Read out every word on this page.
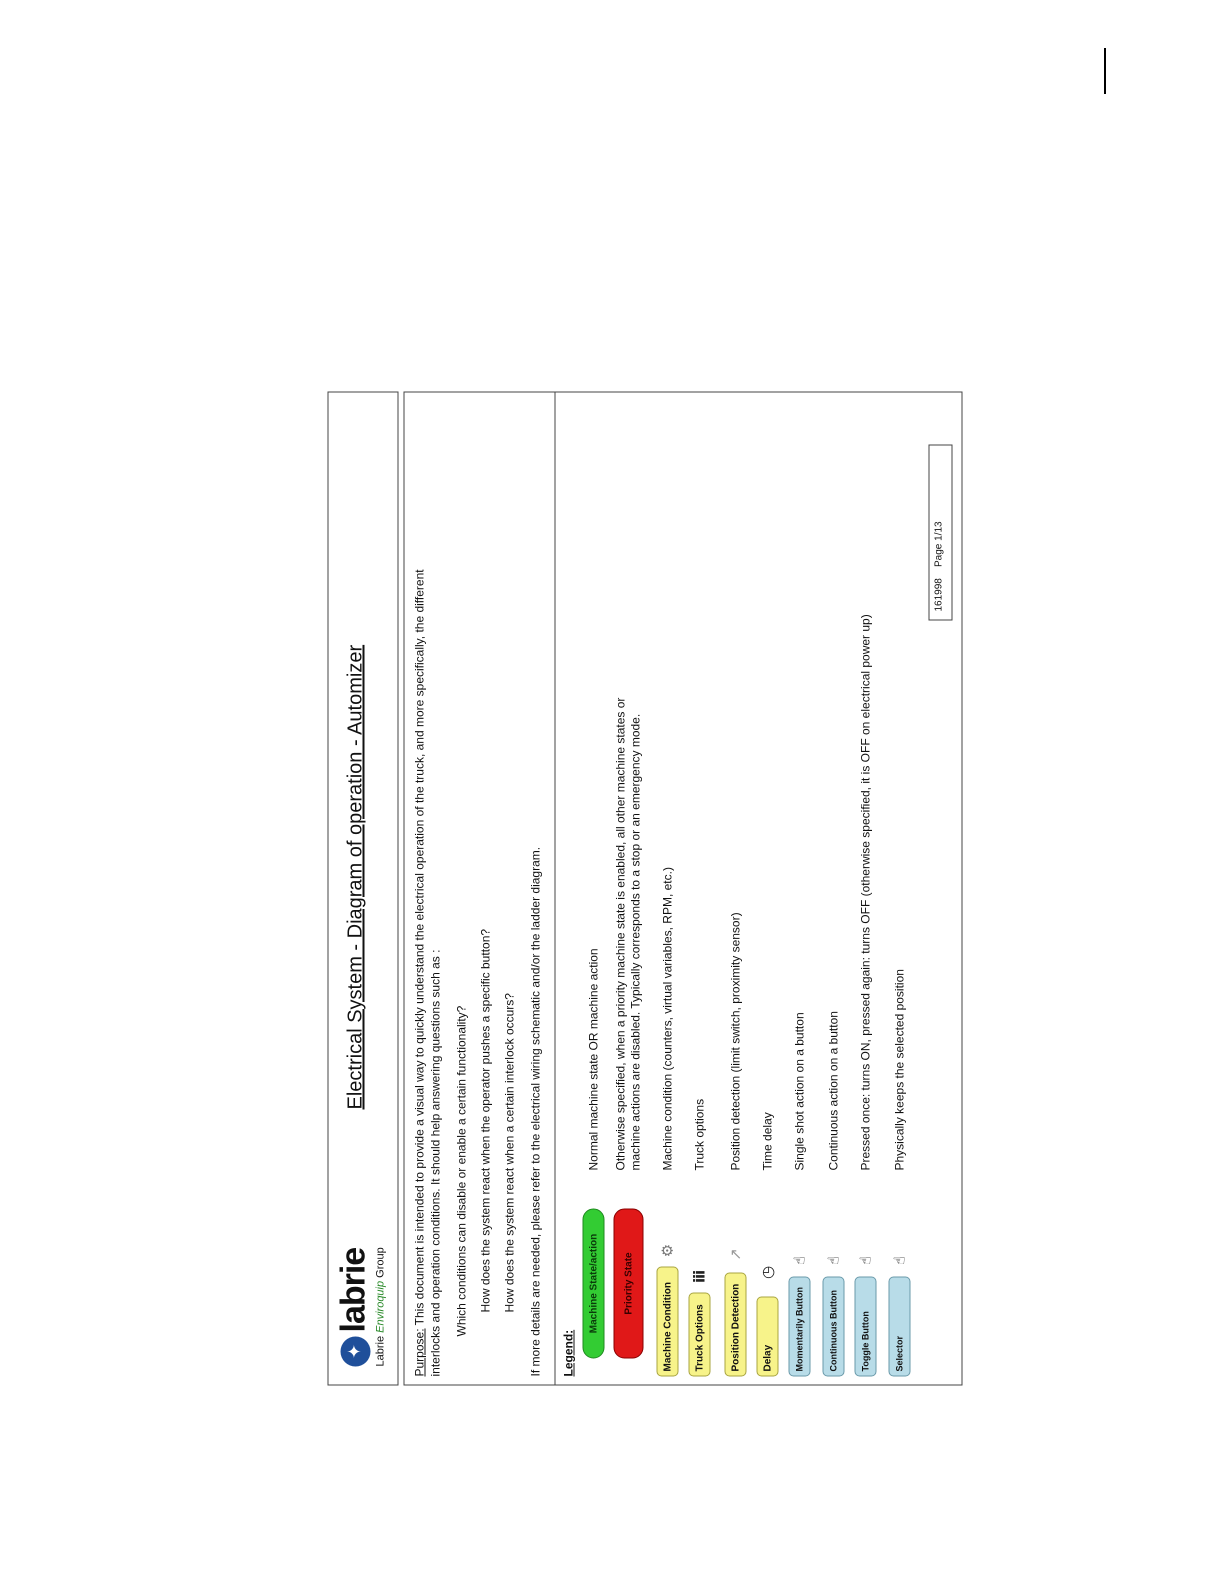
✦
labrie
Labrie Enviroquip Group
Electrical System - Diagram of operation - Automizer
Purpose: This document is intended to provide a visual way to quickly understand the electrical operation of the truck, and more specifically, the different interlocks and operation conditions. It should help answering questions such as : Which conditions can disable or enable a certain functionality? How does the system react when the operator pushes a specific button? How does the system react when a certain interlock occurs? If more details are needed, please refer to the electrical wiring schematic and/or the ladder diagram. Legend:
Machine State/action
Normal machine state OR machine action
Priority State
Otherwise specified, when a priority machine state is enabled, all other machine states or machine actions are disabled. Typically corresponds to a stop or an emergency mode.
Machine Condition
⚙
Machine condition (counters, virtual variables, RPM, etc.)
Truck Options
ⅲ
Truck options
Position Detection
↗
Position detection (limit switch, proximity sensor)
Delay
◷
Time delay
Momentarily Button
☝
Single shot action on a button
Continuous Button
☝
Continuous action on a button
Toggle Button
☝
Pressed once: turns ON, pressed again: turns OFF (otherwise specified, it is OFF on electrical power up)
Selector
☝
Physically keeps the selected position
161998    Page 1/13
